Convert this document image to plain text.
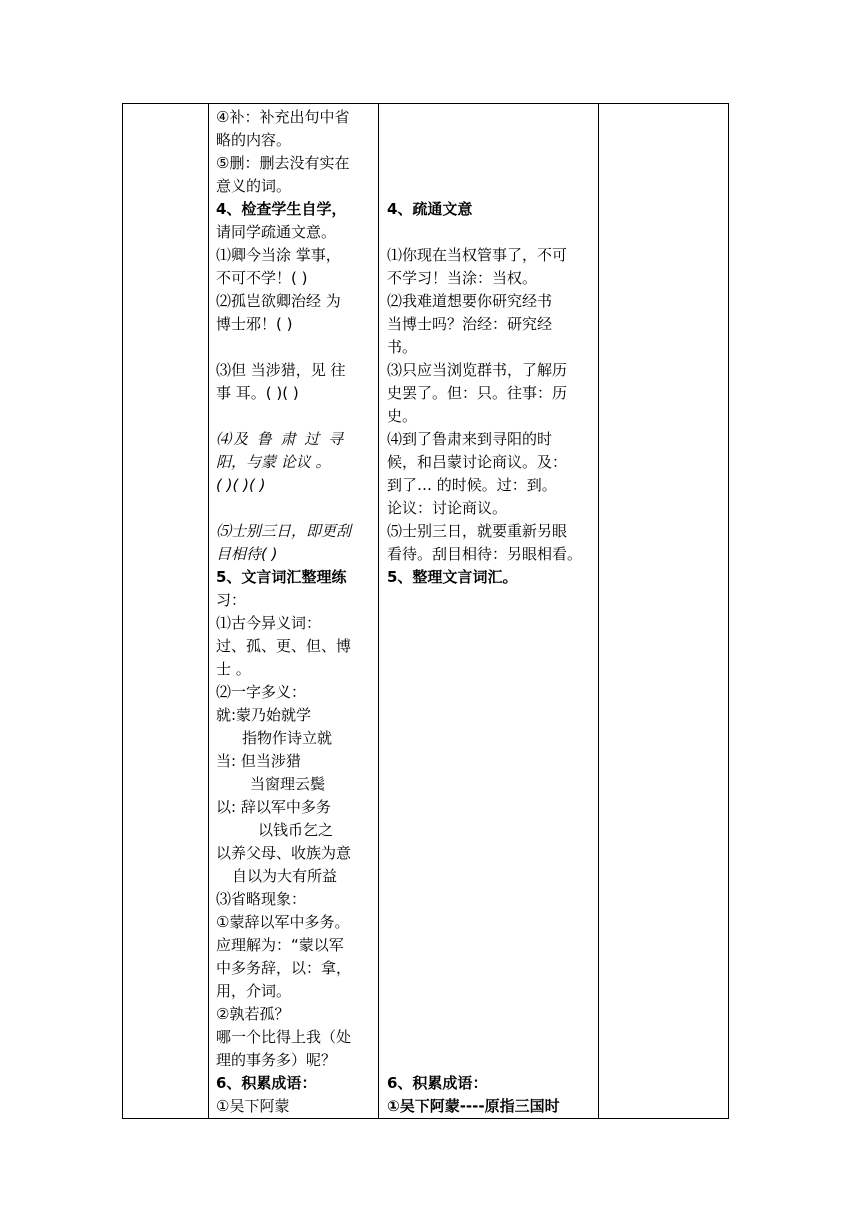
④补：补充出句中省
略的内容。
⑤删：删去没有实在
意义的词。
4、检查学生自学，
请同学疏通文意。
⑴卿今当涂 掌事，
不可不学！( )
⑵孤岂欲卿治经 为
博士邪！( )
⑶但 当涉猎，见 往
事 耳。( )( )
⑷及 鲁 肃 过 寻
阳，与蒙 论议 。
( )( )( )
⑸士别三日，即更刮
目相待( )
5、文言词汇整理练
习：
⑴古今异义词：
过、孤、更、但、博
士 。
⑵一字多义：
就:蒙乃始就学
指物作诗立就
当: 但当涉猎
当窗理云鬓
以: 辞以军中多务
以钱币乞之
以养父母、收族为意
自以为大有所益
⑶省略现象：
①蒙辞以军中多务。
应理解为：“蒙以军
中多务辞，以：拿，
用，介词。
②孰若孤？
哪一个比得上我（处
理的事务多）呢？
6、积累成语：
①吴下阿蒙

4、疏通文意
⑴你现在当权管事了，不可
不学习！当涂：当权。
⑵我难道想要你研究经书
当博士吗？治经：研究经
书。
⑶只应当浏览群书，了解历
史罢了。但：只。往事：历
史。
⑷到了鲁肃来到寻阳的时
候，和吕蒙讨论商议。及：
到了… 的时候。过：到。
论议：讨论商议。
⑸士别三日，就要重新另眼
看待。刮目相待：另眼相看。
5、整理文言词汇。
6、积累成语：
①吴下阿蒙----原指三国时
